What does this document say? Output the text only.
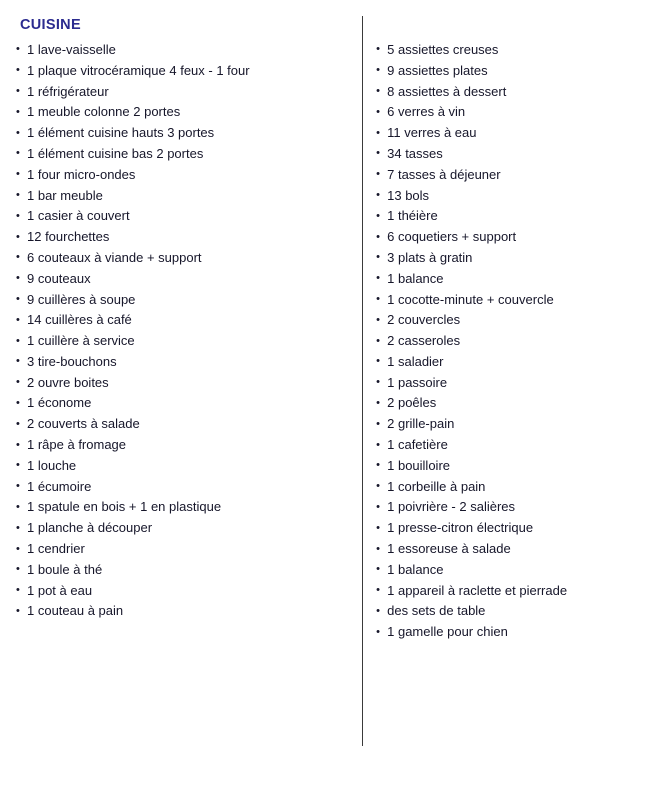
CUISINE
• 1 lave-vaisselle
• 1 plaque vitrocéramique 4 feux - 1 four
• 1 réfrigérateur
• 1 meuble colonne 2 portes
• 1 élément cuisine hauts 3 portes
• 1 élément cuisine bas 2 portes
• 1 four micro-ondes
• 1 bar meuble
• 1 casier à couvert
• 12 fourchettes
• 6 couteaux à viande + support
• 9 couteaux
• 9 cuillères à soupe
• 14 cuillères à café
• 1 cuillère à service
• 3 tire-bouchons
• 2 ouvre boites
• 1 économe
• 2 couverts à salade
• 1 râpe à fromage
• 1 louche
• 1 écumoire
• 1 spatule en bois + 1 en plastique
• 1 planche à découper
• 1 cendrier
• 1 boule à thé
• 1 pot à eau
• 1 couteau à pain
• 5 assiettes creuses
• 9 assiettes plates
• 8 assiettes à dessert
• 6 verres à vin
• 11 verres à eau
• 34 tasses
• 7 tasses à déjeuner
• 13 bols
• 1 théière
• 6 coquetiers + support
• 3 plats à gratin
• 1 balance
• 1 cocotte-minute + couvercle
• 2 couvercles
• 2 casseroles
• 1 saladier
• 1 passoire
• 2 poêles
• 2 grille-pain
• 1 cafetière
• 1 bouilloire
• 1 corbeille à pain
• 1 poivrière - 2 salières
• 1 presse-citron électrique
• 1 essoreuse à salade
• 1 balance
• 1 appareil à raclette et pierrade
• des sets de table
• 1 gamelle pour chien
